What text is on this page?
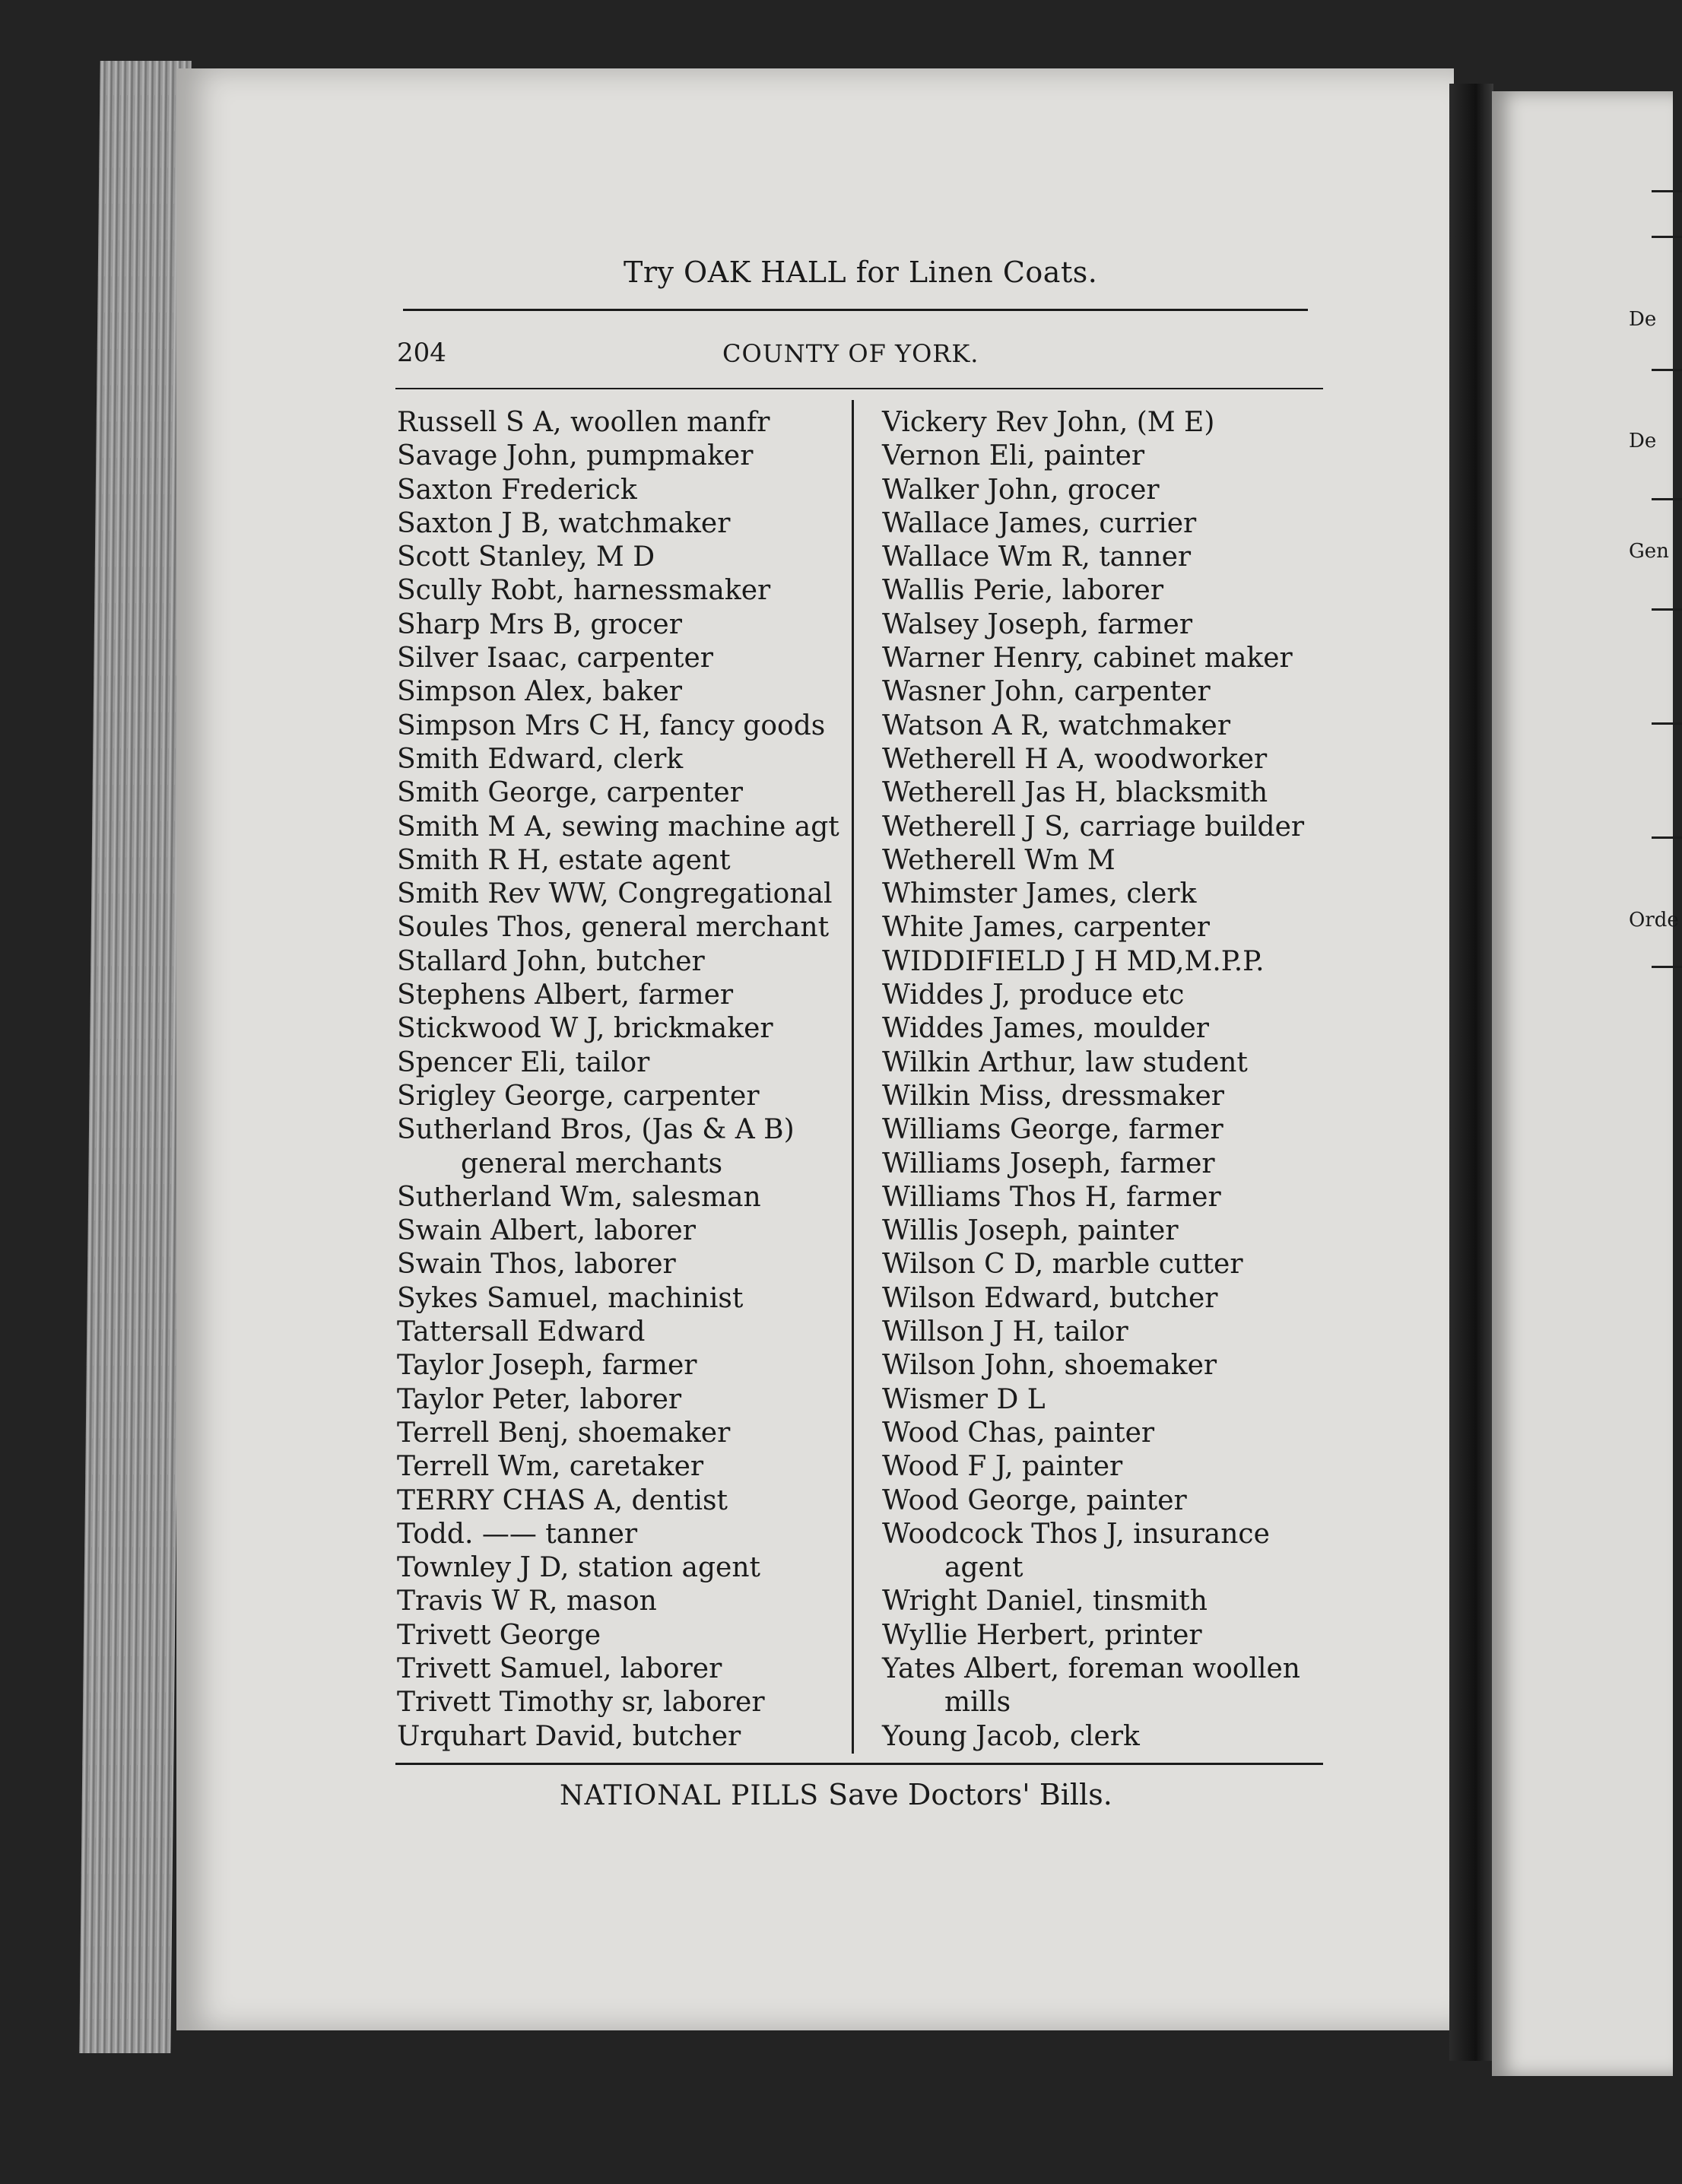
De
De
Gen
Orde
Try OAK HALL for Linen Coats.
204	COUNTY OF YORK.
Russell S A, woollen manfr
Savage John, pumpmaker
Saxton Frederick
Saxton J B, watchmaker
Scott Stanley, M D
Scully Robt, harnessmaker
Sharp Mrs B, grocer
Silver Isaac, carpenter
Simpson Alex, baker
Simpson Mrs C H, fancy goods
Smith Edward, clerk
Smith George, carpenter
Smith M A, sewing machine agt
Smith R H, estate agent
Smith Rev WW, Congregational
Soules Thos, general merchant
Stallard John, butcher
Stephens Albert, farmer
Stickwood W J, brickmaker
Spencer Eli, tailor
Srigley George, carpenter
Sutherland Bros, (Jas & A B)
general merchants
Sutherland Wm, salesman
Swain Albert, laborer
Swain Thos, laborer
Sykes Samuel, machinist
Tattersall Edward
Taylor Joseph, farmer
Taylor Peter, laborer
Terrell Benj, shoemaker
Terrell Wm, caretaker
TERRY CHAS A, dentist
Todd. —— tanner
Townley J D, station agent
Travis W R, mason
Trivett George
Trivett Samuel, laborer
Trivett Timothy sr, laborer
Urquhart David, butcher
Vickery Rev John, (M E)
Vernon Eli, painter
Walker John, grocer
Wallace James, currier
Wallace Wm R, tanner
Wallis Perie, laborer
Walsey Joseph, farmer
Warner Henry, cabinet maker
Wasner John, carpenter
Watson A R, watchmaker
Wetherell H A, woodworker
Wetherell Jas H, blacksmith
Wetherell J S, carriage builder
Wetherell Wm M
Whimster James, clerk
White James, carpenter
WIDDIFIELD J H MD,M.P.P.
Widdes J, produce etc
Widdes James, moulder
Wilkin Arthur, law student
Wilkin Miss, dressmaker
Williams George, farmer
Williams Joseph, farmer
Williams Thos H, farmer
Willis Joseph, painter
Wilson C D, marble cutter
Wilson Edward, butcher
Willson J H, tailor
Wilson John, shoemaker
Wismer D L
Wood Chas, painter
Wood F J, painter
Wood George, painter
Woodcock Thos J, insurance
agent
Wright Daniel, tinsmith
Wyllie Herbert, printer
Yates Albert, foreman woollen
mills
Young Jacob, clerk
NATIONAL PILLS Save Doctors' Bills.
